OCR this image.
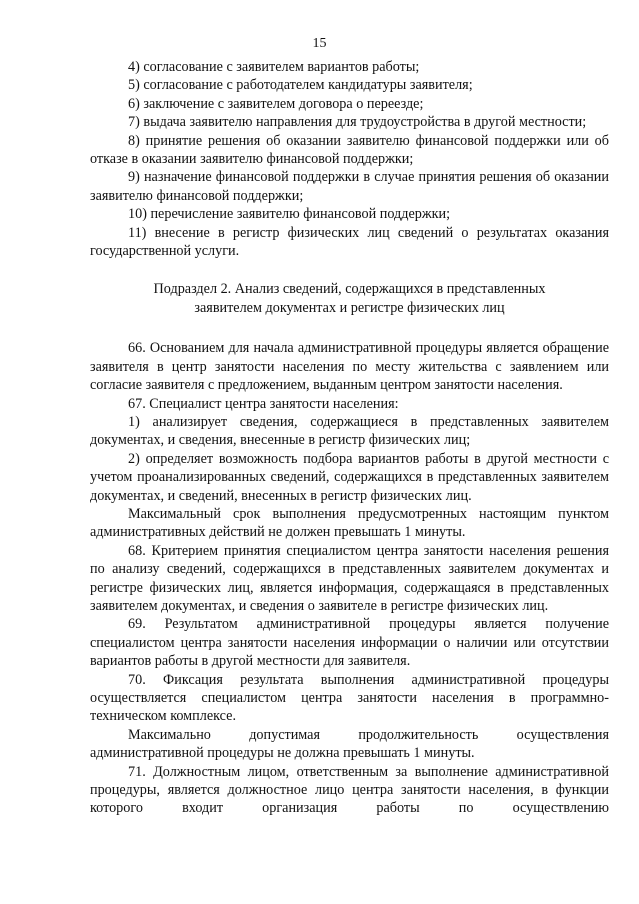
15

4) согласование с заявителем вариантов работы;

5) согласование с работодателем кандидатуры заявителя;

6) заключение с заявителем договора о переезде;

7) выдача заявителю направления для трудоустройства в другой местности;

8) принятие решения об оказании заявителю финансовой поддержки или об отказе в оказании заявителю финансовой поддержки;

9) назначение финансовой поддержки в случае принятия решения об оказании заявителю финансовой поддержки;

10) перечисление заявителю финансовой поддержки;

11) внесение в регистр физических лиц сведений о результатах оказания государственной услуги.

Подраздел 2. Анализ сведений, содержащихся в представленных заявителем документах и регистре физических лиц

66. Основанием для начала административной процедуры является обращение заявителя в центр занятости населения по месту жительства с заявлением или согласие заявителя с предложением, выданным центром занятости населения.

67. Специалист центра занятости населения:

1) анализирует сведения, содержащиеся в представленных заявителем документах, и сведения, внесенные в регистр физических лиц;

2) определяет возможность подбора вариантов работы в другой местности с учетом проанализированных сведений, содержащихся в представленных заявителем документах, и сведений, внесенных в регистр физических лиц.

Максимальный срок выполнения предусмотренных настоящим пунктом административных действий не должен превышать 1 минуты.

68. Критерием принятия специалистом центра занятости населения решения по анализу сведений, содержащихся в представленных заявителем документах и регистре физических лиц, является информация, содержащаяся в представленных заявителем документах, и сведения о заявителе в регистре физических лиц.

69. Результатом административной процедуры является получение специалистом центра занятости населения информации о наличии или отсутствии вариантов работы в другой местности для заявителя.

70. Фиксация результата выполнения административной процедуры осуществляется специалистом центра занятости населения в программно-техническом комплексе.

Максимально допустимая продолжительность осуществления административной процедуры не должна превышать 1 минуты.

71. Должностным лицом, ответственным за выполнение административной процедуры, является должностное лицо центра занятости населения, в функции которого входит организация работы по осуществлению
